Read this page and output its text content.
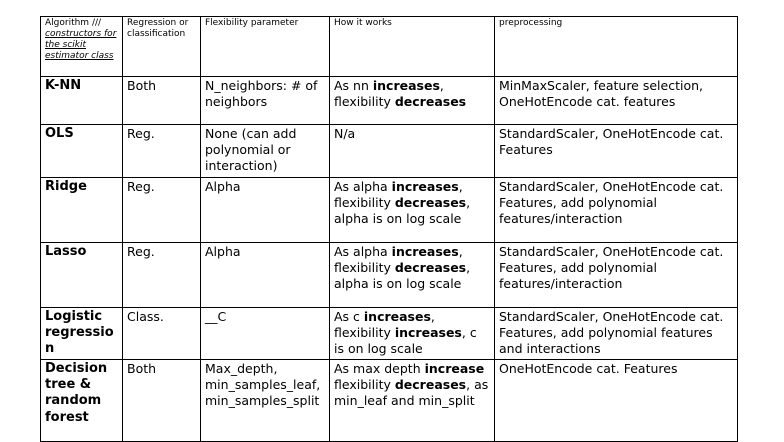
Algorithm /// constructors for the scikit estimator class	Regression or classification	Flexibility parameter	How it works	preprocessing
K-NN	Both	N_neighbors: # of neighbors	As nn increases, flexibility decreases	MinMaxScaler, feature selection, OneHotEncode cat. features
OLS	Reg.	None (can add polynomial or interaction)	N/a	StandardScaler, OneHotEncode cat. Features
Ridge	Reg.	Alpha	As alpha increases, flexibility decreases, alpha is on log scale	StandardScaler, OneHotEncode cat. Features, add polynomial features/interaction
Lasso	Reg.	Alpha	As alpha increases, flexibility decreases, alpha is on log scale	StandardScaler, OneHotEncode cat. Features, add polynomial features/interaction
Logistic regression	Class.	__C	As c increases, flexibility increases, c is on log scale	StandardScaler, OneHotEncode cat. Features, add polynomial features and interactions
Decision tree & random forest	Both	Max_depth, min_samples_leaf, min_samples_split	As max depth increase flexibility decreases, as min_leaf and min_split	OneHotEncode cat. Features
